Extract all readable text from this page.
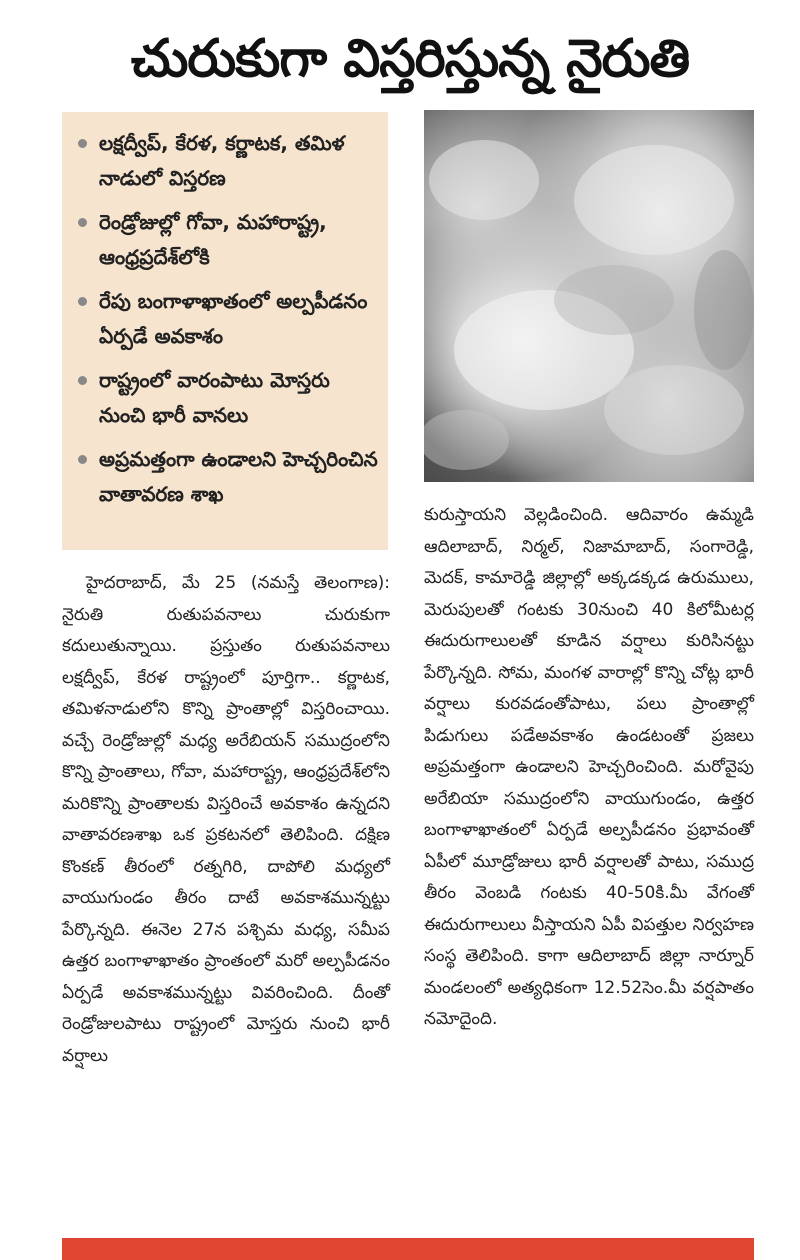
చురుకుగా విస్తరిస్తున్న నైరుతి
లక్షద్వీప్‌, కేరళ, కర్ణాటక, తమిళ నాడులో విస్తరణ
రెండ్రోజుల్లో గోవా, మహారాష్ట్ర, ఆంధ్రప్రదేశ్‌లోకి
రేపు బంగాళాఖాతంలో అల్పపీడనం ఏర్పడే అవకాశం
రాష్ట్రంలో వారంపాటు మోస్తరు నుంచి భారీ వానలు
అప్రమత్తంగా ఉండాలని హెచ్చరించిన వాతావరణ శాఖ

హైదరాబాద్‌, మే 25 (నమస్తే తెలంగాణ): నైరుతి రుతుపవనాలు చురుకుగా కదులుతున్నాయి. ప్రస్తుతం రుతుపవనాలు లక్షద్వీప్‌, కేరళ రాష్ట్రంలో పూర్తిగా.. కర్ణాటక, తమిళనాడులోని కొన్ని ప్రాంతాల్లో విస్తరించాయి. వచ్చే రెండ్రోజుల్లో మధ్య అరేబియన్‌ సముద్రంలోని కొన్ని ప్రాంతాలు, గోవా, మహారాష్ట్ర, ఆంధ్రప్రదేశ్‌లోని మరికొన్ని ప్రాంతాలకు విస్తరించే అవకాశం ఉన్నదని వాతావరణశాఖ ఒక ప్రకటనలో తెలిపింది. దక్షిణ కొంకణ్‌ తీరంలో రత్నగిరి, దాపోలి మధ్యలో వాయుగుండం తీరం దాటే అవకాశమున్నట్టు పేర్కొన్నది. ఈనెల 27న పశ్చిమ మధ్య, సమీప ఉత్తర బంగాళాఖాతం ప్రాంతంలో మరో అల్పపీడనం ఏర్పడే అవకాశమున్నట్టు వివరించింది. దీంతో రెండ్రోజులపాటు రాష్ట్రంలో మోస్తరు నుంచి భారీ వర్షాలు

కురుస్తాయని వెల్లడించింది. ఆదివారం ఉమ్మడి ఆదిలాబాద్‌, నిర్మల్‌, నిజామాబాద్‌, సంగారెడ్డి, మెదక్‌, కామారెడ్డి జిల్లాల్లో అక్కడక్కడ ఉరుములు, మెరుపులతో గంటకు 30నుంచి 40 కిలోమీటర్ల ఈదురుగాలులతో కూడిన వర్షాలు కురిసినట్టు పేర్కొన్నది. సోమ, మంగళ వారాల్లో కొన్ని చోట్ల భారీ వర్షాలు కురవడంతోపాటు, పలు ప్రాంతాల్లో పిడుగులు పడేఅవకాశం ఉండటంతో ప్రజలు అప్రమత్తంగా ఉండాలని హెచ్చరించింది. మరోవైపు అరేబియా సముద్రంలోని వాయుగుండం, ఉత్తర బంగాళాఖాతంలో ఏర్పడే అల్పపీడనం ప్రభావంతో ఏపీలో మూడ్రోజులు భారీ వర్షాలతో పాటు, సముద్ర తీరం వెంబడి గంటకు 40-50కి.మీ వేగంతో ఈదురుగాలులు వీస్తాయని ఏపీ విపత్తుల నిర్వహణ సంస్థ తెలిపింది. కాగా ఆదిలాబాద్‌ జిల్లా నార్నూర్‌ మండలంలో అత్యధికంగా 12.52సెం.మీ వర్షపాతం నమోదైంది.
